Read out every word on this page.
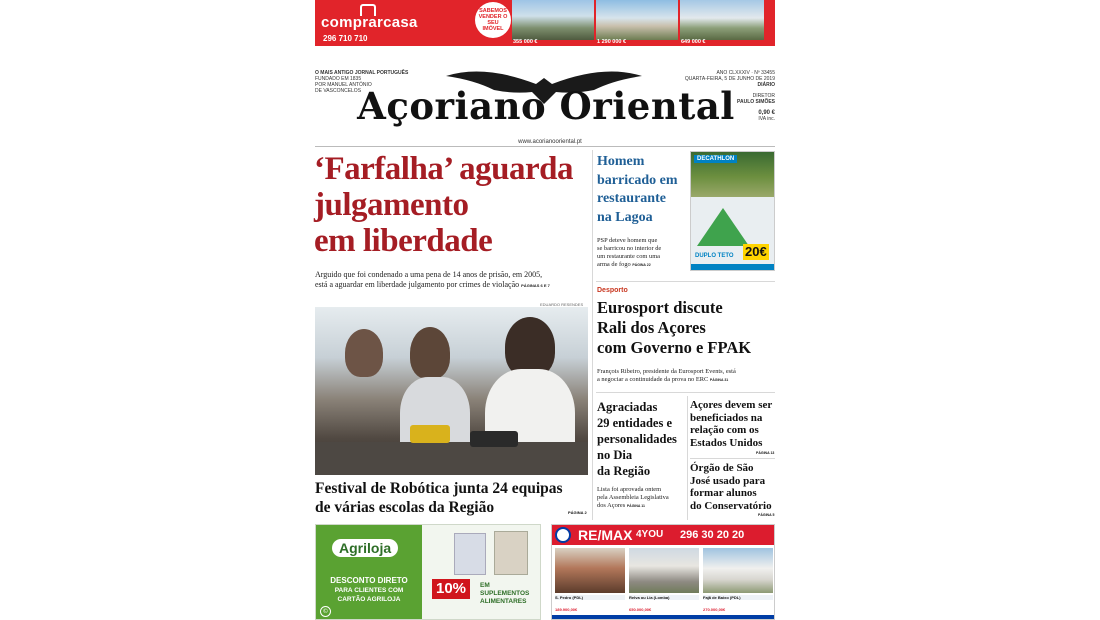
comprarcasa
296 710 710
SABEMOS VENDER O SEU IMÓVEL
355 000 €	1 290 000 €	649 000 €
O MAIS ANTIGO JORNAL PORTUGUÊS
FUNDADO EM 1835
POR MANUEL ANTÓNIO
DE VASCONCELOS
Açoriano Oriental
ANO CLXXXIV · Nº 33455
QUARTA-FEIRA, 5 DE JUNHO DE 2019
DIÁRIO
DIRETOR
PAULO SIMÕES
0,90 €
IVA inc.
www.acorianooriental.pt
‘Farfalha’ aguarda
julgamento
em liberdade
Arguido que foi condenado a uma pena de 14 anos de prisão, em 2005,
está a aguardar em liberdade julgamento por crimes de violação PÁGINAS 6 E 7
EDUARDO RESENDES
Festival de Robótica junta 24 equipas
de várias escolas da Região	PÁGINA 2
Homem
barricado em
restaurante
na Lagoa
PSP deteve homem que
se barricou no interior de
um restaurante com uma
arma de fogo PÁGINA 22
DECATHLON
DUPLO TETO 20€
Desporto
Eurosport discute
Rali dos Açores
com Governo e FPAK
François Ribeiro, presidente da Eurosport Events, está
a negociar a continuidade da prova no ERC PÁGINA 31
Agraciadas
29 entidades e
personalidades
no Dia
da Região
Lista foi aprovada ontem
pela Assembleia Legislativa
dos Açores PÁGINA 11
Açores devem ser
beneficiados na
relação com os
Estados Unidos
PÁGINA 13
Órgão de São
José usado para
formar alunos
do Conservatório
PÁGINA 5
Agriloja
DESCONTO DIRETO
PARA CLIENTES COM
CARTÃO AGRILOJA
©
10%	EM SUPLEMENTOS
ALIMENTARES
RE/MAX 4YOU 296 30 20 20
S. Pedro (PDL)
189.900,00€
Relva ou Lia (Lomba)
650.000,00€
Fajã de Baixo (PDL)
270.000,00€
